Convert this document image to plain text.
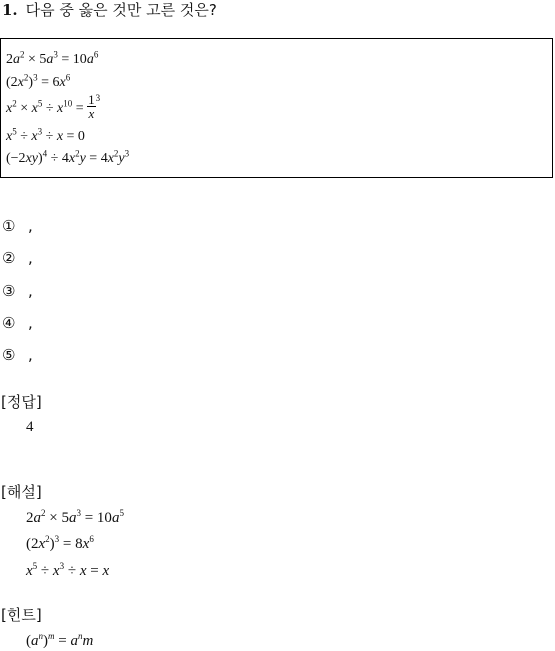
1. 다음 중 옳은 것만 고른 것은?
$2a^2 \times 5a^3 = 10a^6$
$(2x^2)^3 = 6x^6$
$x^2 \times x^5 \div x^{10} = \frac{1}{x} ^3$
$x^5 \div x^3 \div x = 0$
$(-2xy)^4 \div 4x^2y = 4x^2y^3$
① ,
② ,
③ ,
④ ,
⑤ ,
[정답]
4
[해설]
$2a^2 \times 5a^3 = 10a^5$
$(2x^2)^3 = 8x^6$
$x^5 \div x^3 \div x = x$
[힌트]
$(a^n)^m = a^nm$
